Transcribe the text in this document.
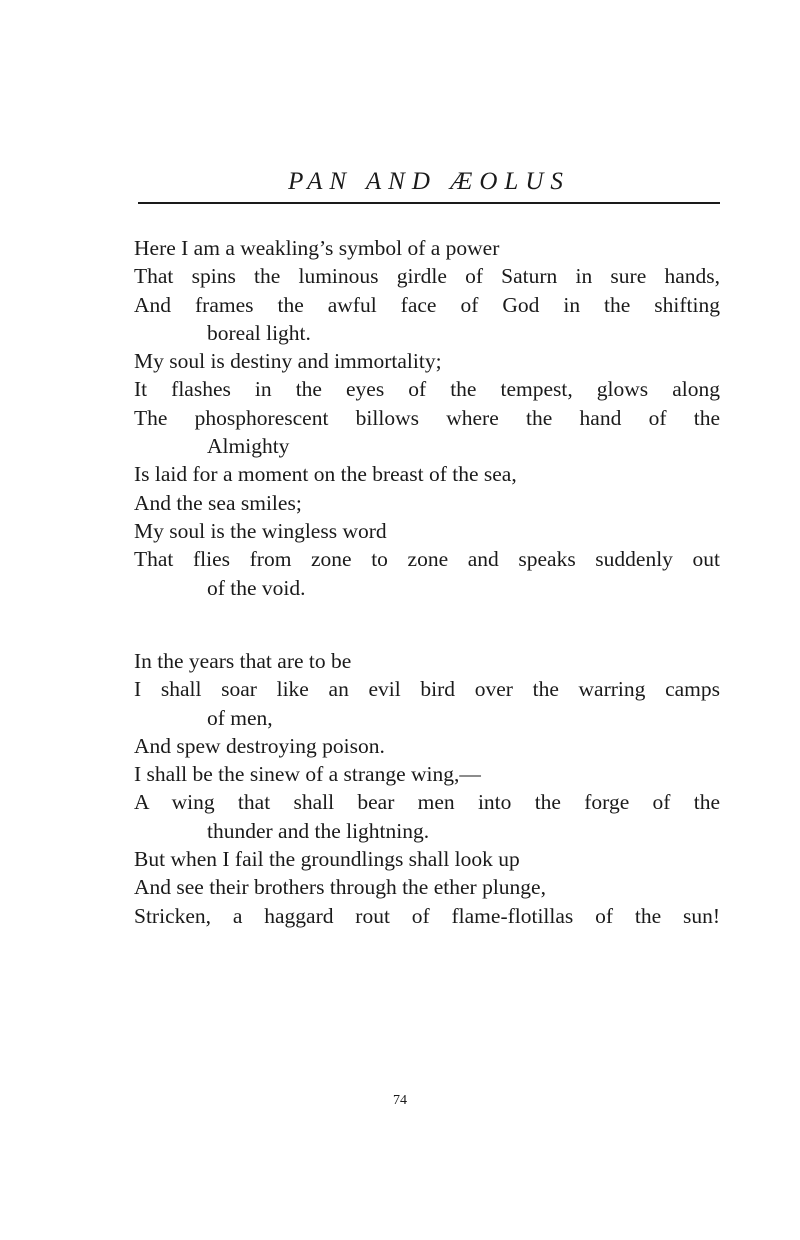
PAN AND ÆOLUS
Here I am a weakling’s symbol of a power
That spins the luminous girdle of Saturn in sure hands,
And frames the awful face of God in the shifting
boreal light.
My soul is destiny and immortality;
It flashes in the eyes of the tempest, glows along
The phosphorescent billows where the hand of the
Almighty
Is laid for a moment on the breast of the sea,
And the sea smiles;
My soul is the wingless word
That flies from zone to zone and speaks suddenly out
of the void.
In the years that are to be
I shall soar like an evil bird over the warring camps
of men,
And spew destroying poison.
I shall be the sinew of a strange wing,—
A wing that shall bear men into the forge of the
thunder and the lightning.
But when I fail the groundlings shall look up
And see their brothers through the ether plunge,
Stricken, a haggard rout of flame-flotillas of the sun!
74
